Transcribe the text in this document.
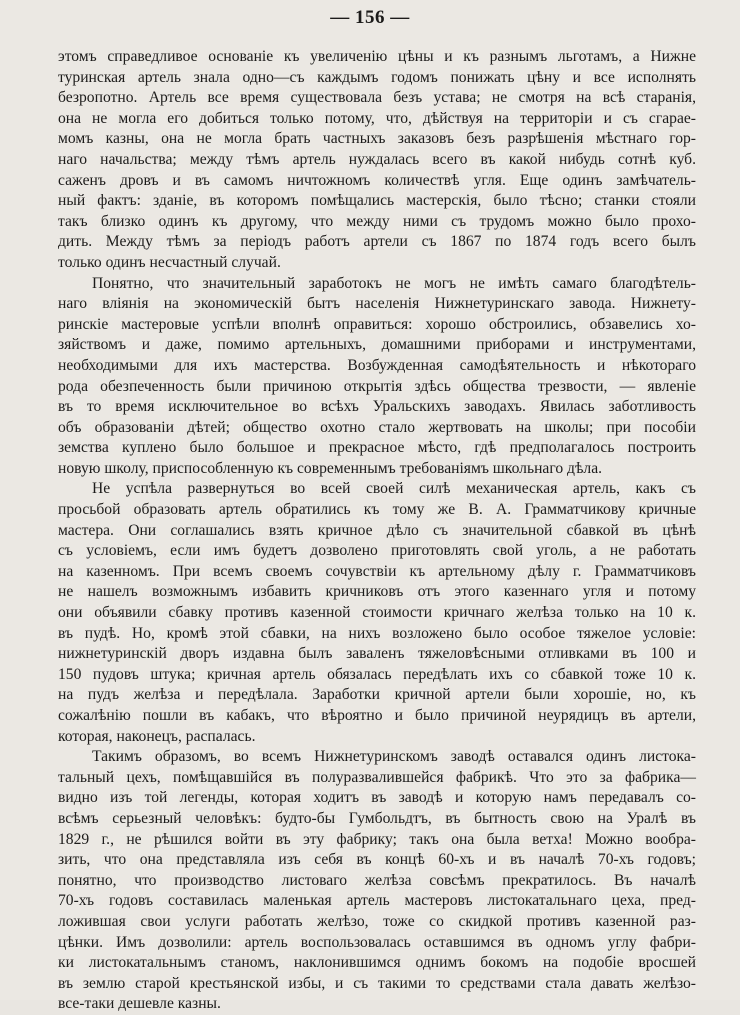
— 156 —

этомъ справедливое основаніе къ увеличенію цѣны и къ разнымъ льготамъ, а Нижне
туринская артель знала одно—съ каждымъ годомъ понижать цѣну и все исполнять
безропотно. Артель все время существовала безъ устава; не смотря на всѣ старанія,
она не могла его добиться только потому, что, дѣйствуя на территоріи и съ сгарае-
момъ казны, она не могла брать частныхъ заказовъ безъ разрѣшенія мѣстнаго гор-
наго начальства; между тѣмъ артель нуждалась всего въ какой нибудь сотнѣ куб.
саженъ дровъ и въ самомъ ничтожномъ количествѣ угля. Еще одинъ замѣчатель-
ный фактъ: зданіе, въ которомъ помѣщались мастерскія, было тѣсно; станки стояли
такъ близко одинъ къ другому, что между ними съ трудомъ можно было прохо-
дить. Между тѣмъ за періодъ работъ артели съ 1867 по 1874 годъ всего былъ
только одинъ несчастный случай.

Понятно, что значительный заработокъ не могъ не имѣть самаго благодѣтель-
наго вліянія на экономическій бытъ населенія Нижнетуринскаго завода. Нижнету-
ринскіе мастеровые успѣли вполнѣ оправиться: хорошо обстроились, обзавелись хо-
зяйствомъ и даже, помимо артельныхъ, домашними приборами и инструментами,
необходимыми для ихъ мастерства. Возбужденная самодѣятельность и нѣкотораго
рода обезпеченность были причиною открытія здѣсь общества трезвости, — явленіе
въ то время исключительное во всѣхъ Уральскихъ заводахъ. Явилась заботливость
объ образованіи дѣтей; общество охотно стало жертвовать на школы; при пособіи
земства куплено было большое и прекрасное мѣсто, гдѣ предполагалось построить
новую школу, приспособленную къ современнымъ требованіямъ школьнаго дѣла.

Не успѣла развернуться во всей своей силѣ механическая артель, какъ съ
просьбой образовать артель обратились къ тому же В. А. Грамматчикову кричные
мастера. Они соглашались взять кричное дѣло съ значительной сбавкой въ цѣнѣ
съ условіемъ, если имъ будетъ дозволено приготовлять свой уголь, а не работать
на казенномъ. При всемъ своемъ сочувствіи къ артельному дѣлу г. Грамматчиковъ
не нашелъ возможнымъ избавить кричниковъ отъ этого казеннаго угля и потому
они объявили сбавку противъ казенной стоимости кричнаго желѣза только на 10 к.
въ пудѣ. Но, кромѣ этой сбавки, на нихъ возложено было особое тяжелое условіе:
нижнетуринскій дворъ издавна былъ заваленъ тяжеловѣсными отливками въ 100 и
150 пудовъ штука; кричная артель обязалась передѣлать ихъ со сбавкой тоже 10 к.
на пудъ желѣза и передѣлала. Заработки кричной артели были хорошіе, но, къ
сожалѣнію пошли въ кабакъ, что вѣроятно и было причиной неурядицъ въ артели,
которая, наконецъ, распалась.

Такимъ образомъ, во всемъ Нижнетуринскомъ заводѣ оставался одинъ листока-
тальный цехъ, помѣщавшійся въ полуразвалившейся фабрикѣ. Что это за фабрика—
видно изъ той легенды, которая ходитъ въ заводѣ и которую намъ передавалъ со-
всѣмъ серьезный человѣкъ: будто-бы Гумбольдтъ, въ бытность свою на Уралѣ въ
1829 г., не рѣшился войти въ эту фабрику; такъ она была ветха! Можно вообра-
зить, что она представляла изъ себя въ концѣ 60-хъ и въ началѣ 70-хъ годовъ;
понятно, что производство листоваго желѣза совсѣмъ прекратилось. Въ началѣ
70-хъ годовъ составилась маленькая артель мастеровъ листокатальнаго цеха, пред-
ложившая свои услуги работать желѣзо, тоже со скидкой противъ казенной раз-
цѣнки. Имъ дозволили: артель воспользовалась оставшимся въ одномъ углу фабри-
ки листокатальнымъ станомъ, наклонившимся однимъ бокомъ на подобіе вросшей
въ землю старой крестьянской избы, и съ такими то средствами стала давать желѣзо-
все-таки дешевле казны.
